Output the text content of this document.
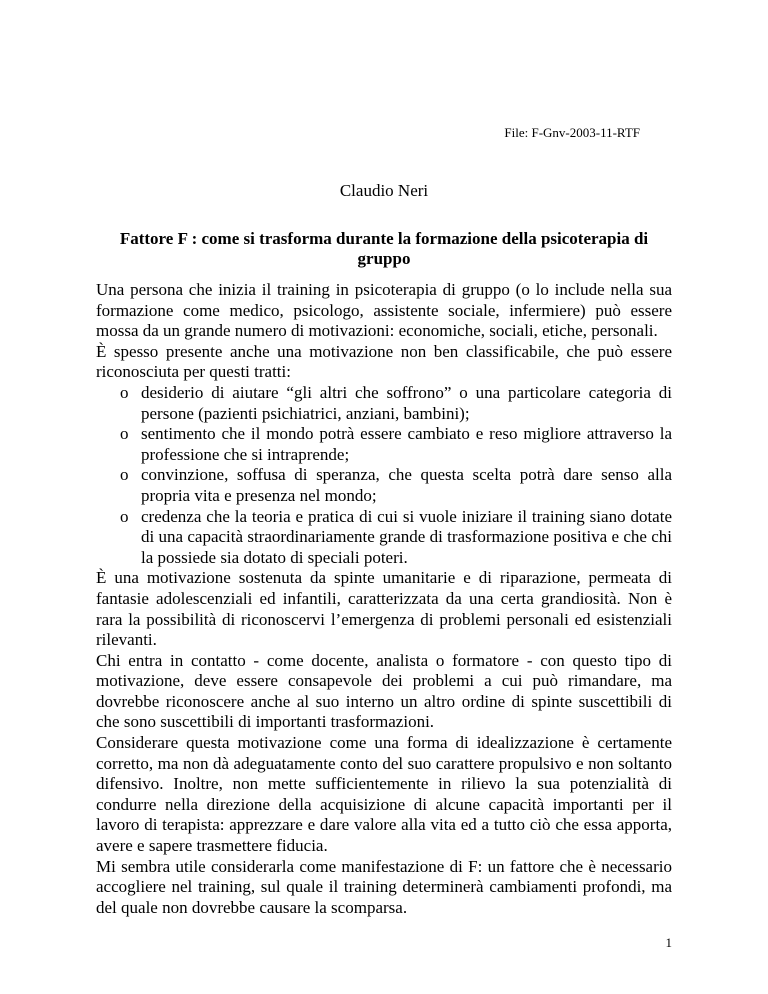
File: F-Gnv-2003-11-RTF
Claudio Neri
Fattore F : come si trasforma durante la formazione della psicoterapia di gruppo

Una persona che inizia il training in psicoterapia di gruppo (o lo include nella sua formazione come medico, psicologo, assistente sociale, infermiere) può essere mossa da un grande numero di motivazioni: economiche, sociali, etiche, personali.

È spesso presente anche una motivazione non ben classificabile, che può essere riconosciuta per questi tratti:

o desiderio di aiutare “gli altri che soffrono” o una particolare categoria di persone (pazienti psichiatrici, anziani, bambini);
o sentimento che il mondo potrà essere cambiato e reso migliore attraverso la professione che si intraprende;
o convinzione, soffusa di speranza, che questa scelta potrà dare senso alla propria vita e presenza nel mondo;
o credenza che la teoria e pratica di cui si vuole iniziare il training siano dotate di una capacità straordinariamente grande di trasformazione positiva e che chi la possiede sia dotato di speciali poteri.

È una motivazione sostenuta da spinte umanitarie e di riparazione, permeata di fantasie adolescenziali ed infantili, caratterizzata da una certa grandiosità. Non è rara la possibilità di riconoscervi l’emergenza di problemi personali ed esistenziali rilevanti.

Chi entra in contatto - come docente, analista o formatore - con questo tipo di motivazione, deve essere consapevole dei problemi a cui può rimandare, ma dovrebbe riconoscere anche al suo interno un altro ordine di spinte suscettibili di che sono suscettibili di importanti trasformazioni.

Considerare questa motivazione come una forma di idealizzazione è certamente corretto, ma non dà adeguatamente conto del suo carattere propulsivo e non soltanto difensivo. Inoltre, non mette sufficientemente in rilievo la sua potenzialità di condurre nella direzione della acquisizione di alcune capacità importanti per il lavoro di terapista: apprezzare e dare valore alla vita ed a tutto ciò che essa apporta, avere e sapere trasmettere fiducia.

Mi sembra utile considerarla come manifestazione di F: un fattore che è necessario accogliere nel training, sul quale il training determinerà cambiamenti profondi, ma del quale non dovrebbe causare la scomparsa.

1
